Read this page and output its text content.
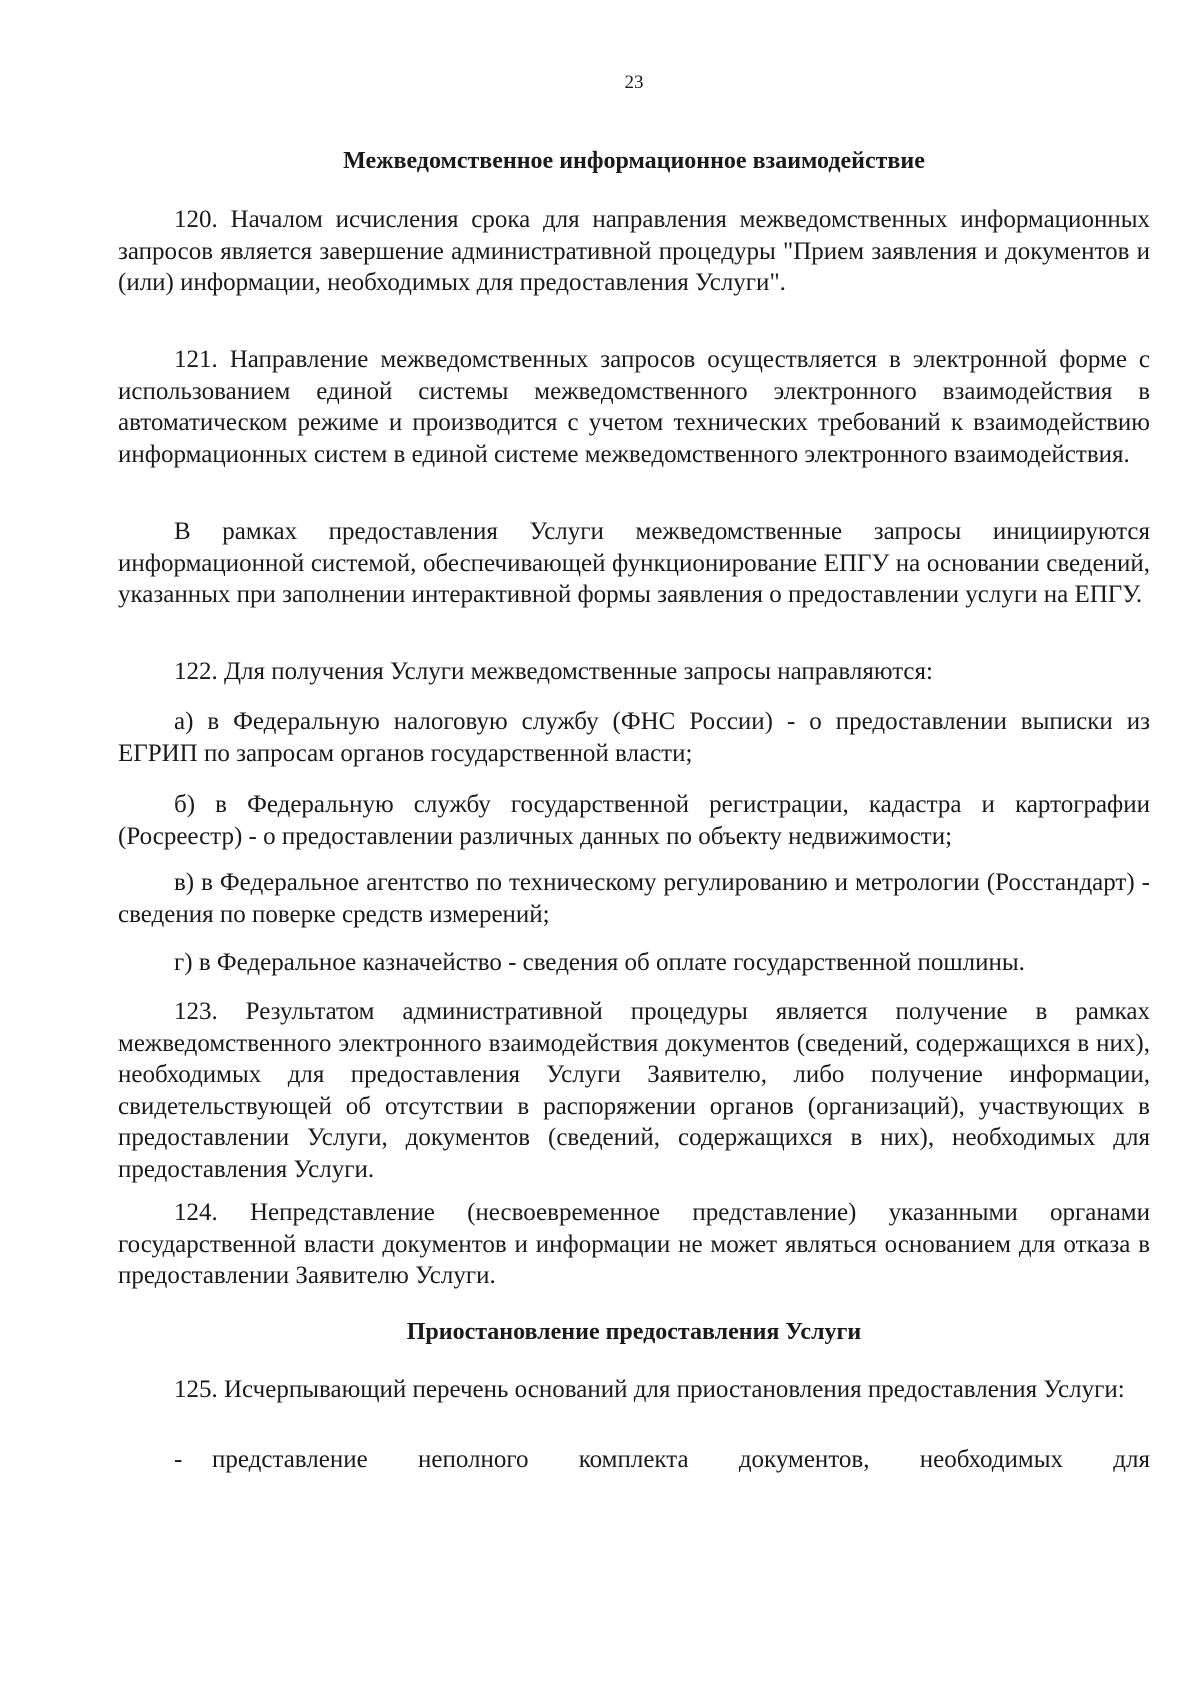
23
Межведомственное информационное взаимодействие

120. Началом исчисления срока для направления межведомственных информационных запросов является завершение административной процедуры "Прием заявления и документов и (или) информации, необходимых для предоставления Услуги".

121. Направление межведомственных запросов осуществляется в электронной форме с использованием единой системы межведомственного электронного взаимодействия в автоматическом режиме и производится с учетом технических требований к взаимодействию информационных систем в единой системе межведомственного электронного взаимодействия.

В рамках предоставления Услуги межведомственные запросы инициируются информационной системой, обеспечивающей функционирование ЕПГУ на основании сведений, указанных при заполнении интерактивной формы заявления о предоставлении услуги на ЕПГУ.

122. Для получения Услуги межведомственные запросы направляются:

а) в Федеральную налоговую службу (ФНС России) - о предоставлении выписки из ЕГРИП по запросам органов государственной власти;

б) в Федеральную службу государственной регистрации, кадастра и картографии (Росреестр) - о предоставлении различных данных по объекту недвижимости;

в) в Федеральное агентство по техническому регулированию и метрологии (Росстандарт) - сведения по поверке средств измерений;

г) в Федеральное казначейство - сведения об оплате государственной пошлины.

123. Результатом административной процедуры является получение в рамках межведомственного электронного взаимодействия документов (сведений, содержащихся в них), необходимых для предоставления Услуги Заявителю, либо получение информации, свидетельствующей об отсутствии в распоряжении органов (организаций), участвующих в предоставлении Услуги, документов (сведений, содержащихся в них), необходимых для предоставления Услуги.

124. Непредставление (несвоевременное представление) указанными органами государственной власти документов и информации не может являться основанием для отказа в предоставлении Заявителю Услуги.

Приостановление предоставления Услуги

125. Исчерпывающий перечень оснований для приостановления предоставления Услуги:

-	представление неполного комплекта документов, необходимых для
